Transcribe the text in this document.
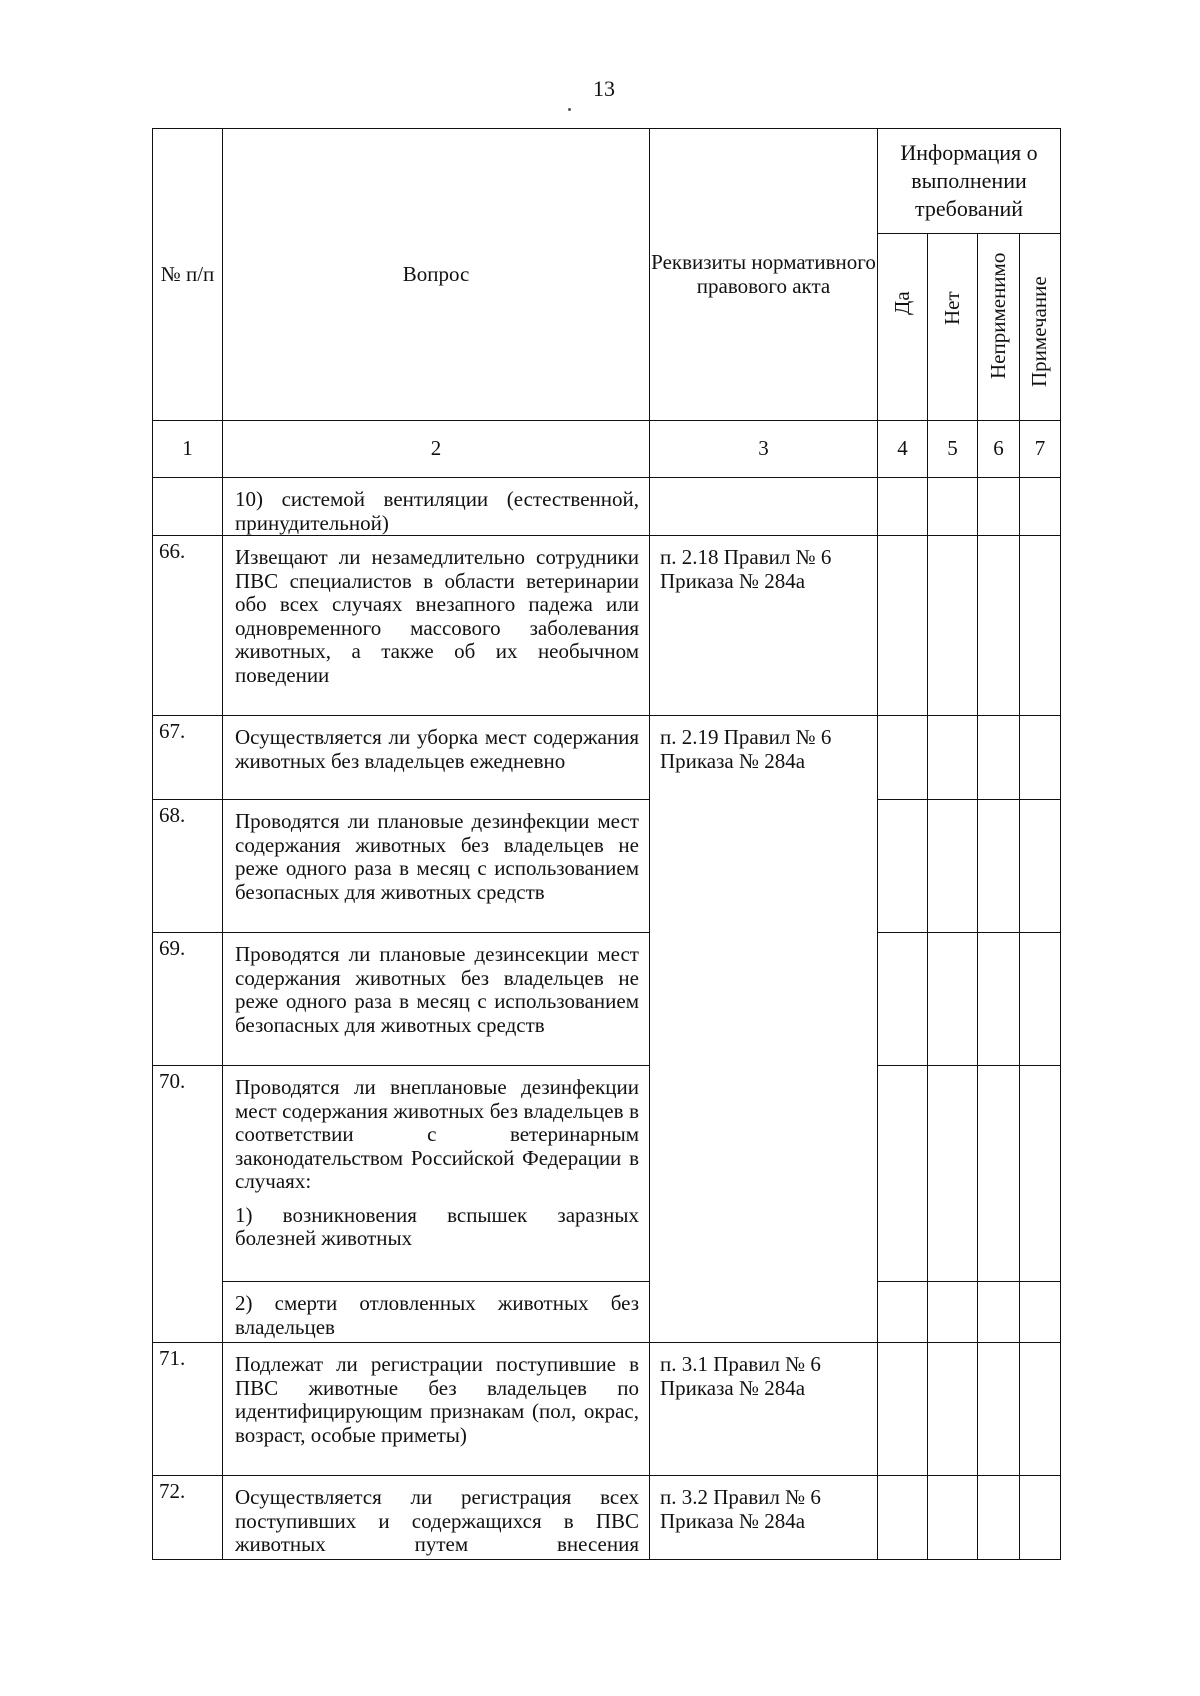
13
№ п/п	Вопрос	Реквизиты нормативного правового акта	Информация о выполнении требований			

			Да	Нет	Неприменимо	Примечание

1	2	3	4	5	6	7
	10) системой вентиляции (естественной, принудительной)					
66.	Извещают ли незамедлительно сотрудники ПВС специалистов в области ветеринарии обо всех случаях внезапного падежа или одновременного массового заболевания животных, а также об их необычном поведении	п. 2.18 Правил № 6 Приказа № 284а				
67.	Осуществляется ли уборка мест содержания животных без владельцев ежедневно	п. 2.19 Правил № 6 Приказа № 284а				
68.	Проводятся ли плановые дезинфекции мест содержания животных без владельцев не реже одного раза в месяц с использованием безопасных для животных средств					
69.	Проводятся ли плановые дезинсекции мест содержания животных без владельцев не реже одного раза в месяц с использованием безопасных для животных средств					
70.	Проводятся ли внеплановые дезинфекции мест содержания животных без владельцев в соответствии с ветеринарным законодательством Российской Федерации в случаях:

1) возникновения вспышек заразных болезней животных					

	2) смерти отловленных животных без владельцев					
71.	Подлежат ли регистрации поступившие в ПВС животные без владельцев по идентифицирующим признакам (пол, окрас, возраст, особые приметы)	п. 3.1 Правил № 6 Приказа № 284а				
72.	Осуществляется ли регистрация всех поступивших и содержащихся в ПВС животных путем внесения	п. 3.2 Правил № 6 Приказа № 284а				
